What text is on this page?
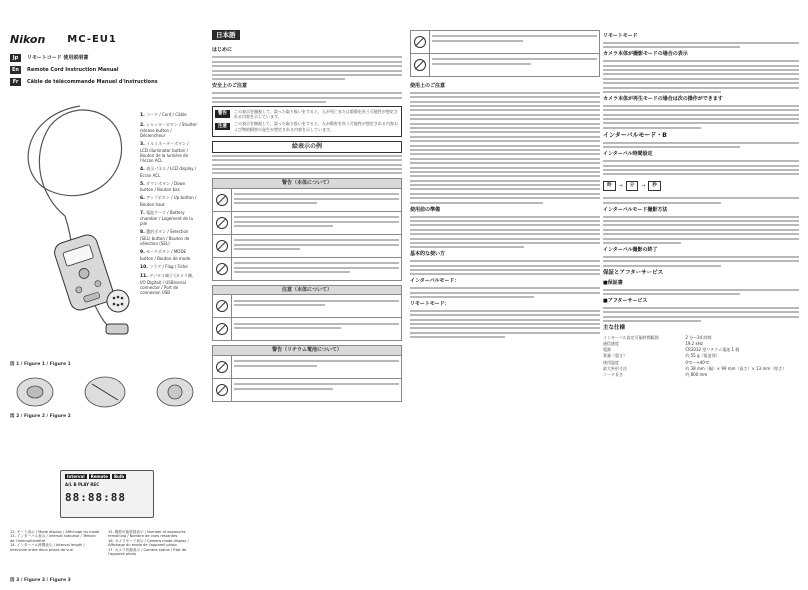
Nikon MC-EU1
Jp	リモートコード 使用説明書
En	Remote Cord Instruction Manual
Fr	Câble de télécommande Manuel d'instructions
1. コード / Cord / Câble
2. シャッターボタン / Shutter-release button / Déclencheur
3. イルミネーターボタン / LCD illuminator button / Bouton de la lumière de l'écran ACL
4. 表示パネル / LCD display / Écran ACL
5. ダウンボタン / Down button / Bouton bas
6. アップボタン / Up button / Bouton haut
7. 電池ケース / Battery chamber / Logement de la pile
8. 選択ボタン / Selection (SEL) button / Bouton de sélection (SEL)
9. モードボタン / MODE button / Bouton de mode
10. フラグ / Flag / Fiche
11. デジタル端子 (カメラ側、I/O Digital) / USB/serial connector / Port de connexion USB
図 1 / Figure 1 / Figure 1
図 2 / Figure 2 / Figure 2
Interval	Remote	Bulb
A/L B PLAY REC
88:88:88
12. モード表示 / Mode display / Affichage du mode
13. インターバル表示 / Interval indicator / Témoin de l'intervallomètre
14. インターバル時間表示 / Interval length / Intervalle entre deux prises de vue
15. 撮影可能枚数表示 / Number of exposures remaining / Nombre de vues restantes
16. カメラモード表示 / Camera mode display / Affichage du mode de l'appareil photo
17. カメラ状態表示 / Camera status / État de l'appareil photo
図 3 / Figure 3 / Figure 3
日本語
はじめに
安全上のご注意
警告	この表示を無視して、誤った取り扱いをすると、人が死亡または重傷を負う可能性が想定される内容を示しています。
注意	この表示を無視して、誤った取り扱いをすると、人が傷害を負う可能性が想定される内容および物的損害の発生が想定される内容を示しています。
絵表示の例
警告（本体について）
注意（本体について）
警告（リチウム電池について）
使用上のご注意
使用前の準備
基本的な使い方
インターバルモード：
リモートモード：
リモートモード
カメラ本体が撮影モードの場合の表示
カメラ本体が再生モードの場合は次の操作ができます
インターバルモード・B
インターバル時間設定
時	→	分	→	秒
インターバルモード撮影方法
インターバル撮影の終了
保証とアフターサービス
■保証書
■アフターサービス
主な仕様
インターバル設定可能時間範囲	2 分〜24 時間
通信速度	19.2 kHz
電源	CR2032 型リチウム電池 1 個
質量（重さ）	約 55 g（電池別）
使用温度	0℃〜+40℃
最大外形寸法	約 38 mm（幅）× 99 mm（高さ）× 13 mm（厚さ）
コード長さ	約 800 mm
